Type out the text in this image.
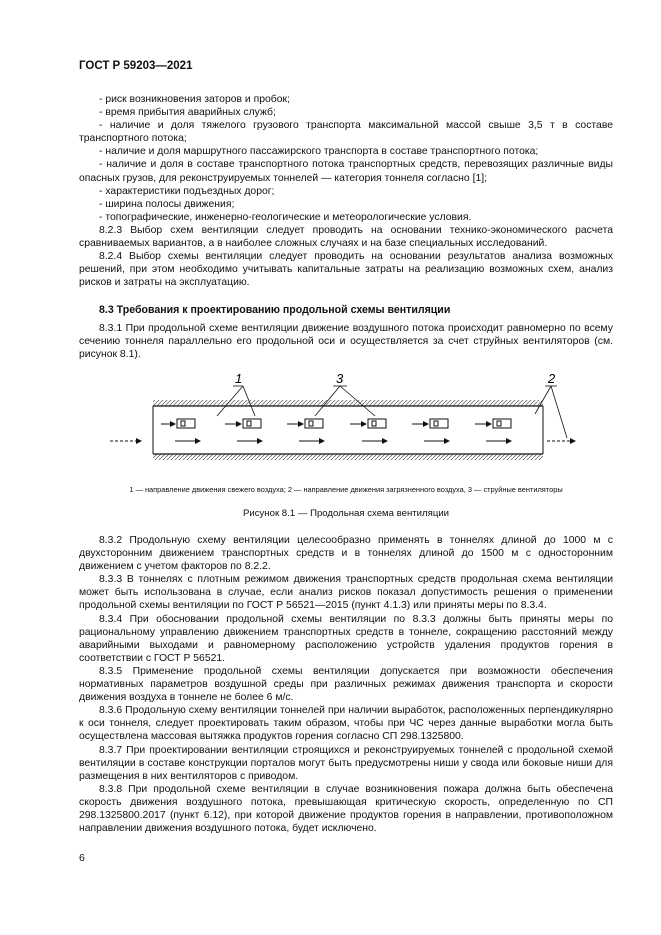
ГОСТ Р 59203—2021

- риск возникновения заторов и пробок;

- время прибытия аварийных служб;

- наличие и доля тяжелого грузового транспорта максимальной массой свыше 3,5 т в составе транспортного потока;

- наличие и доля маршрутного пассажирского транспорта в составе транспортного потока;

- наличие и доля в составе транспортного потока транспортных средств, перевозящих различные виды опасных грузов, для реконструируемых тоннелей — категория тоннеля согласно [1];

- характеристики подъездных дорог;

- ширина полосы движения;

- топографические, инженерно-геологические и метеорологические условия.

8.2.3 Выбор схем вентиляции следует проводить на основании технико-экономического расчета сравниваемых вариантов, а в наиболее сложных случаях и на базе специальных исследований.

8.2.4 Выбор схемы вентиляции следует проводить на основании результатов анализа возможных решений, при этом необходимо учитывать капитальные затраты на реализацию возможных схем, анализ рисков и затраты на эксплуатацию.

8.3 Требования к проектированию продольной схемы вентиляции

8.3.1 При продольной схеме вентиляции движение воздушного потока происходит равномерно по всему сечению тоннеля параллельно его продольной оси и осуществляется за счет струйных вентиляторов (см. рисунок 8.1).

1	3	2
1 — направление движения свежего воздуха; 2 — направление движения загрязненного воздуха, 3 — струйные вентиляторы
Рисунок 8.1 — Продольная схема вентиляции

8.3.2 Продольную схему вентиляции целесообразно применять в тоннелях длиной до 1000 м с двухсторонним движением транспортных средств и в тоннелях длиной до 1500 м с односторонним движением с учетом факторов по 8.2.2.

8.3.3 В тоннелях с плотным режимом движения транспортных средств продольная схема вентиляции может быть использована в случае, если анализ рисков показал допустимость решения о применении продольной схемы вентиляции по ГОСТ Р 56521—2015 (пункт 4.1.3) или приняты меры по 8.3.4.

8.3.4 При обосновании продольной схемы вентиляции по 8.3.3 должны быть приняты меры по рациональному управлению движением транспортных средств в тоннеле, сокращению расстояний между аварийными выходами и равномерному расположению устройств удаления продуктов горения в соответствии с ГОСТ Р 56521.

8.3.5 Применение продольной схемы вентиляции допускается при возможности обеспечения нормативных параметров воздушной среды при различных режимах движения транспорта и скорости движения воздуха в тоннеле не более 6 м/с.

8.3.6 Продольную схему вентиляции тоннелей при наличии выработок, расположенных перпендикулярно к оси тоннеля, следует проектировать таким образом, чтобы при ЧС через данные выработки могла быть осуществлена массовая вытяжка продуктов горения согласно СП 298.1325800.

8.3.7 При проектировании вентиляции строящихся и реконструируемых тоннелей с продольной схемой вентиляции в составе конструкции порталов могут быть предусмотрены ниши у свода или боковые ниши для размещения в них вентиляторов с приводом.

8.3.8 При продольной схеме вентиляции в случае возникновения пожара должна быть обеспечена скорость движения воздушного потока, превышающая критическую скорость, определенную по СП 298.1325800.2017 (пункт 6.12), при которой движение продуктов горения в направлении, противоположном направлении движения воздушного потока, будет исключено.

6
